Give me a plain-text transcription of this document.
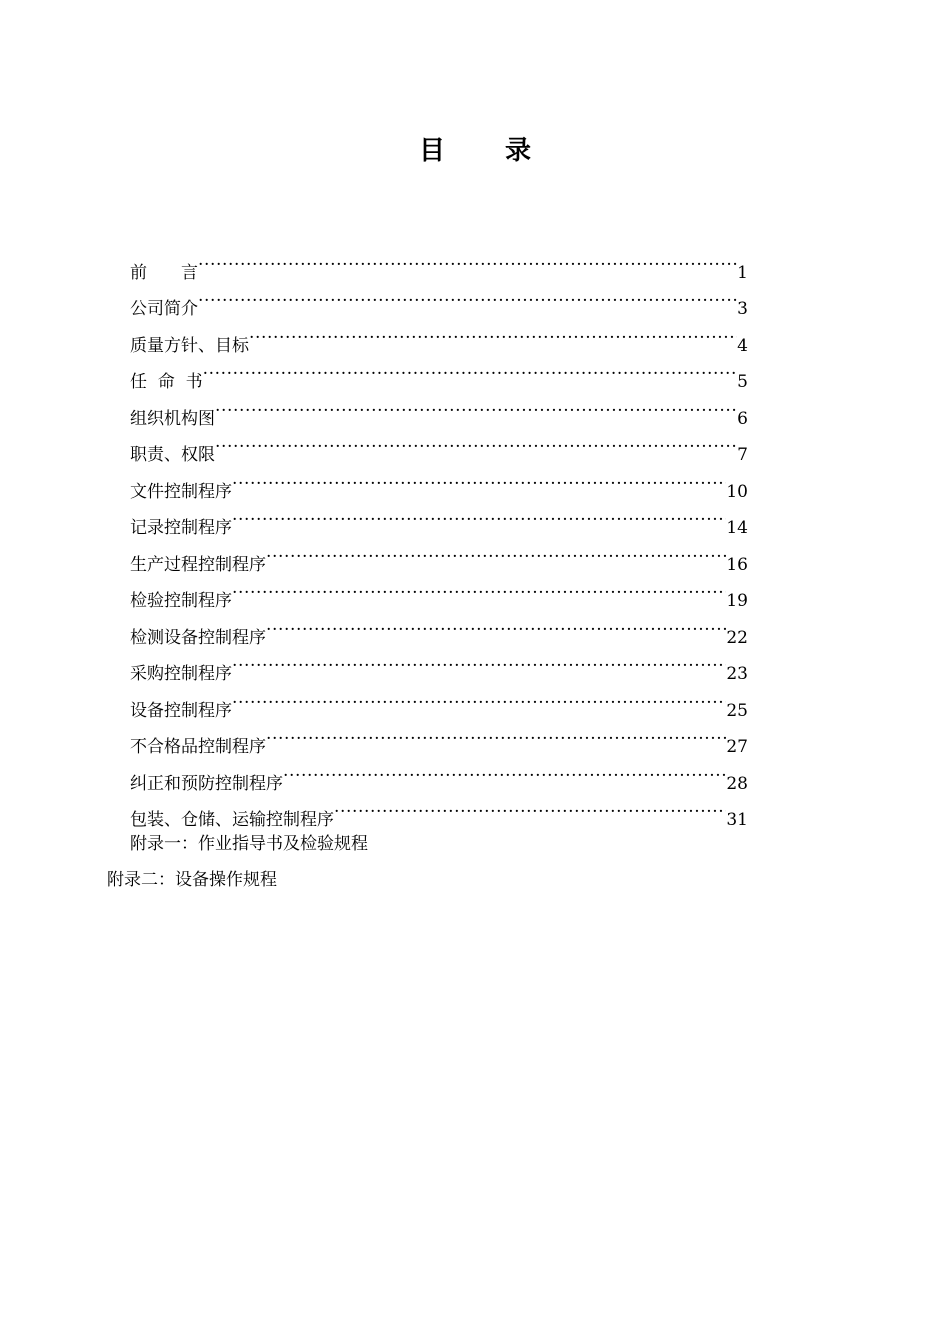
目 录
前　　言 .....	1
公司简介 .....	3
质量方针、目标 .....	4
任  命  书 .....	5
组织机构图 .....	6
职责、权限 .....	7
文件控制程序 .....	10
记录控制程序 .....	14
生产过程控制程序 .....	16
检验控制程序 .....	19
检测设备控制程序 .....	22
采购控制程序 .....	23
设备控制程序 .....	25
不合格品控制程序 .....	27
纠正和预防控制程序 .....	28
包装、仓储、运输控制程序 .....	31
附录一：作业指导书及检验规程
附录二：设备操作规程
